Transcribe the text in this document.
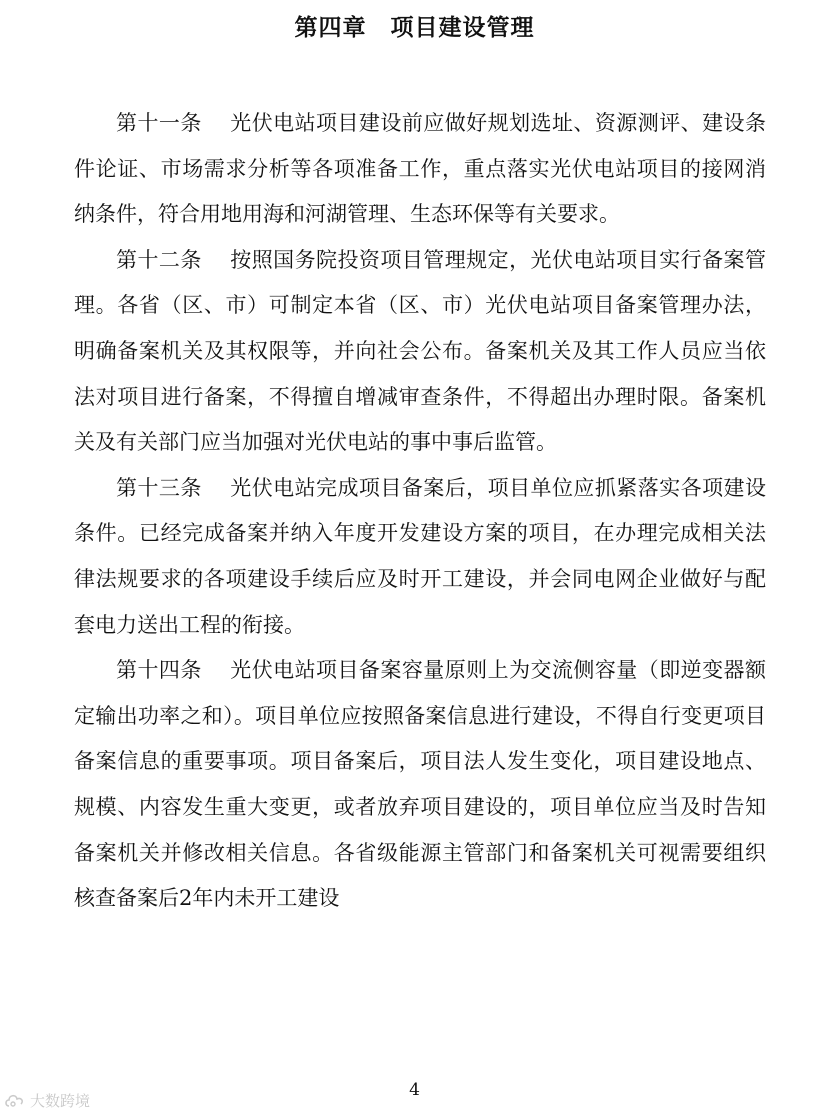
第四章　项目建设管理

第十一条 光伏电站项目建设前应做好规划选址、资源测评、建设条件论证、市场需求分析等各项准备工作，重点落实光伏电站项目的接网消纳条件，符合用地用海和河湖管理、生态环保等有关要求。

第十二条 按照国务院投资项目管理规定，光伏电站项目实行备案管理。各省（区、市）可制定本省（区、市）光伏电站项目备案管理办法，明确备案机关及其权限等，并向社会公布。备案机关及其工作人员应当依法对项目进行备案，不得擅自增减审查条件，不得超出办理时限。备案机关及有关部门应当加强对光伏电站的事中事后监管。

第十三条 光伏电站完成项目备案后，项目单位应抓紧落实各项建设条件。已经完成备案并纳入年度开发建设方案的项目，在办理完成相关法律法规要求的各项建设手续后应及时开工建设，并会同电网企业做好与配套电力送出工程的衔接。

第十四条 光伏电站项目备案容量原则上为交流侧容量（即逆变器额定输出功率之和）。项目单位应按照备案信息进行建设，不得自行变更项目备案信息的重要事项。项目备案后，项目法人发生变化，项目建设地点、规模、内容发生重大变更，或者放弃项目建设的，项目单位应当及时告知备案机关并修改相关信息。各省级能源主管部门和备案机关可视需要组织核查备案后2年内未开工建设

4
大数跨境
